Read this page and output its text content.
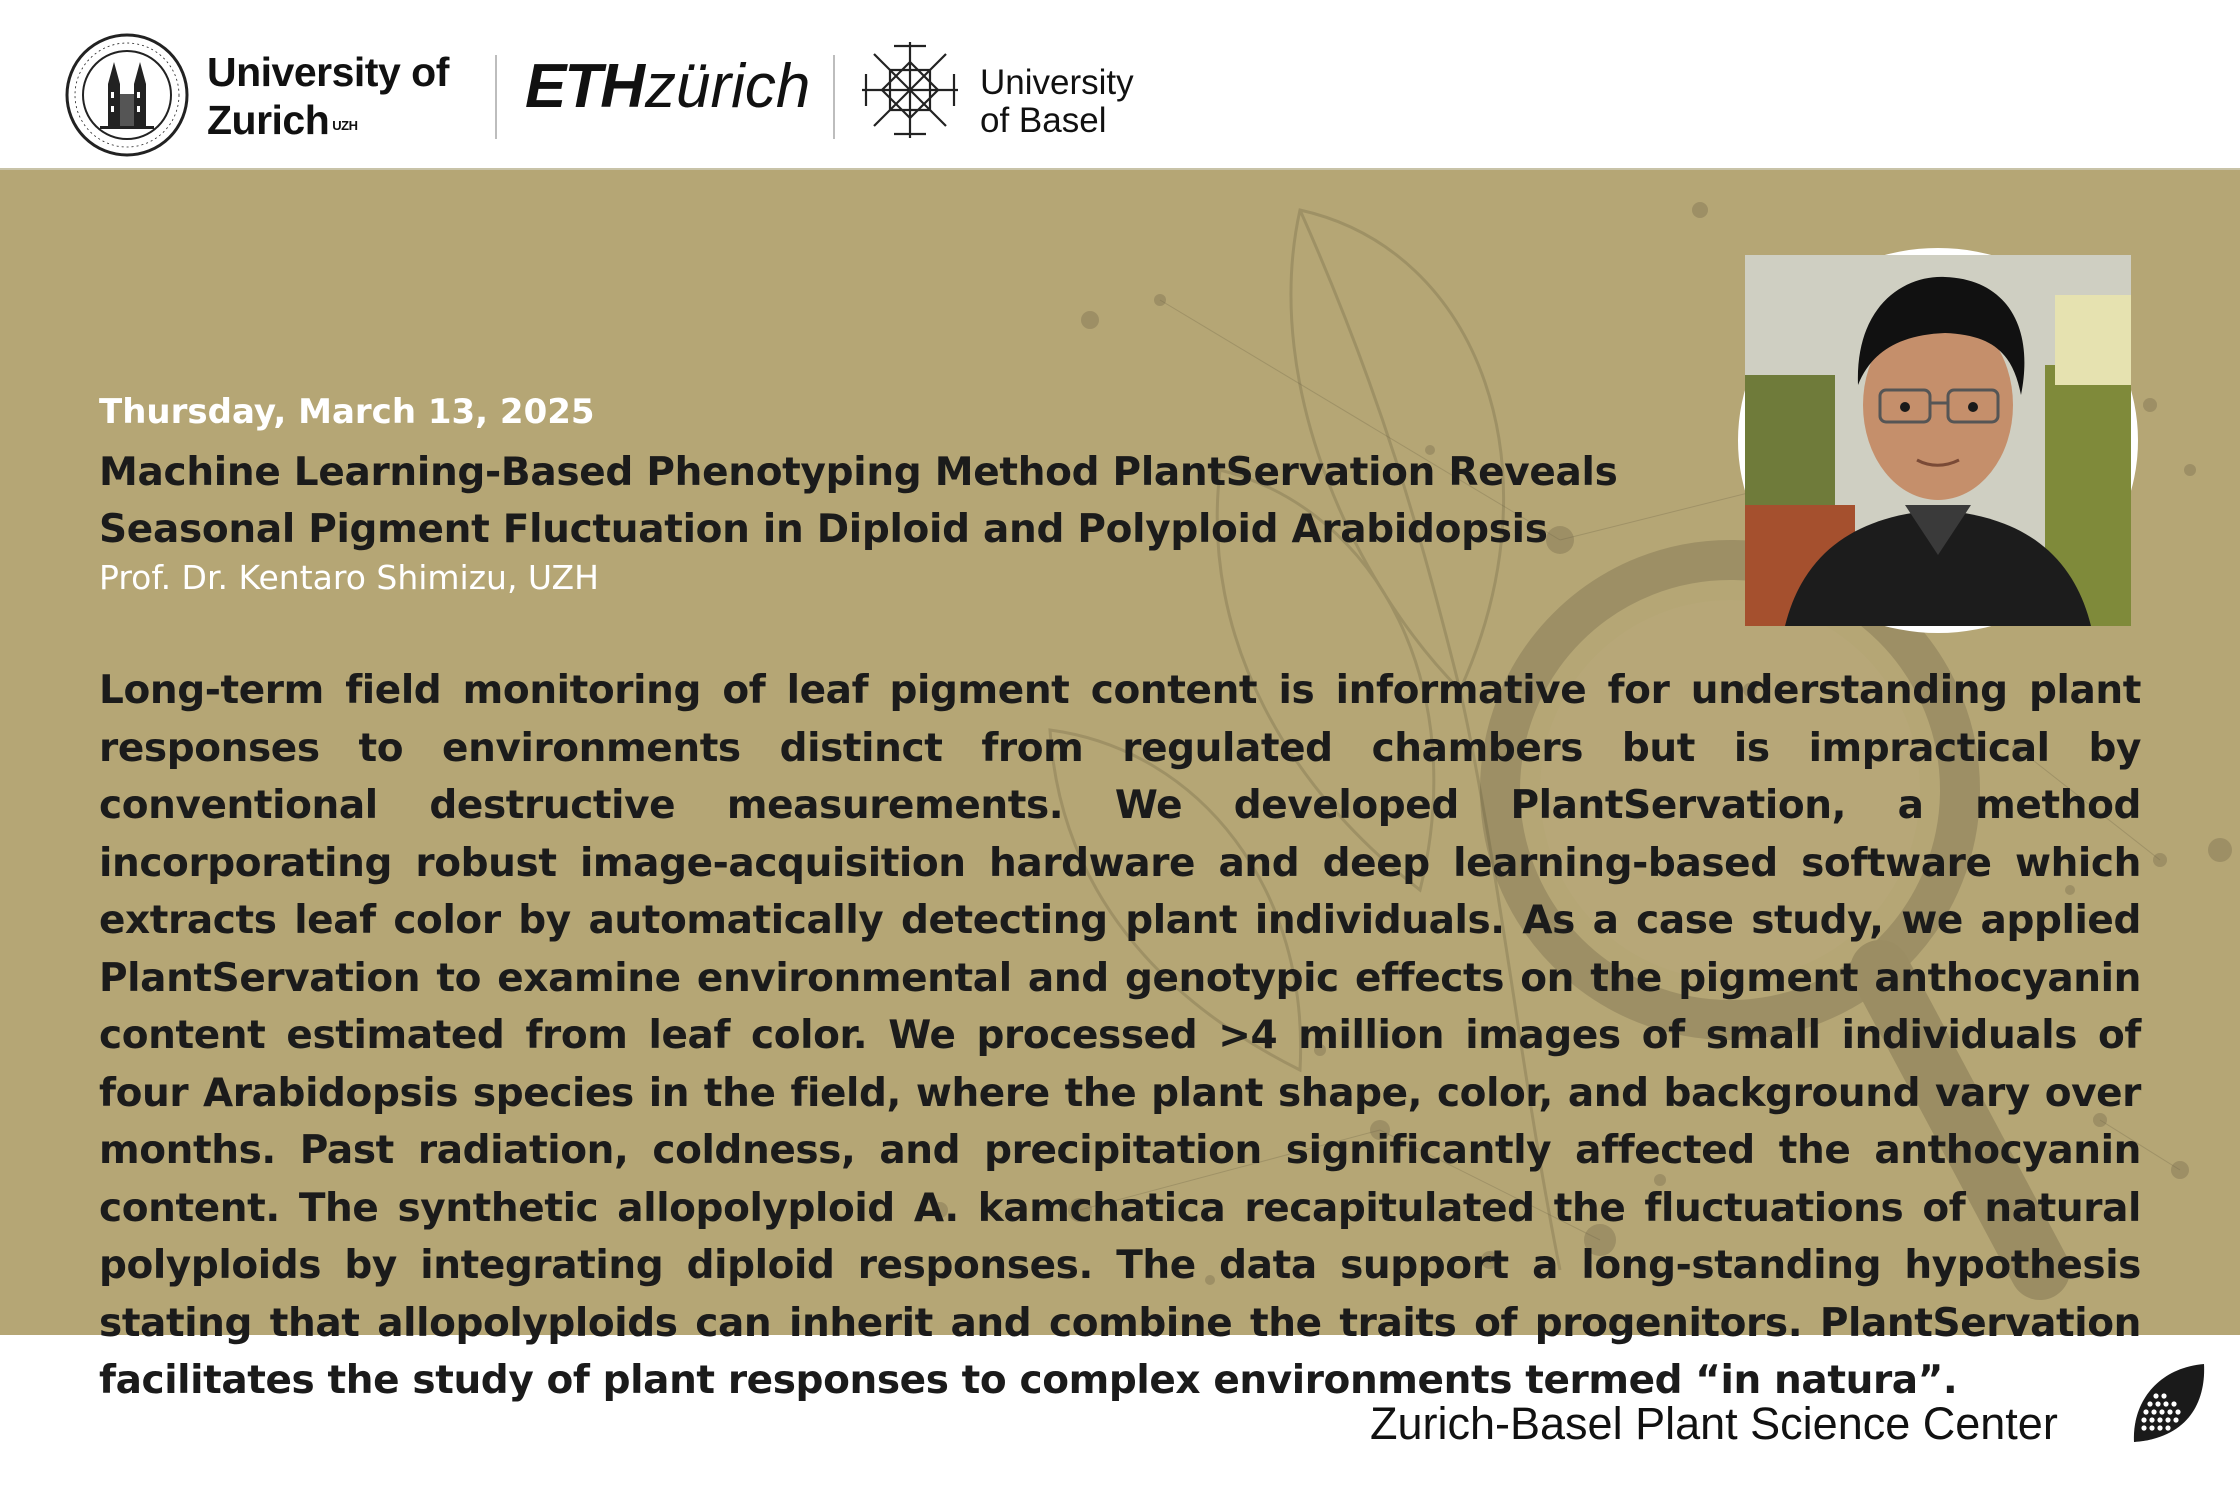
University of
Zurich $^{UZH}$
ETHzürich	University
of Basel
Thursday, March 13, 2025
Machine Learning-Based Phenotyping Method PlantServation Reveals Seasonal Pigment Fluctuation in Diploid and Polyploid Arabidopsis
Prof. Dr. Kentaro Shimizu, UZH

Long-term field monitoring of leaf pigment content is informative for understanding plant responses to environments distinct from regulated chambers but is impractical by conventional destructive measurements. We developed PlantServation, a method incorporating robust image-acquisition hardware and deep learning-based software which extracts leaf color by automatically detecting plant individuals. As a case study, we applied PlantServation to examine environmental and genotypic effects on the pigment anthocyanin content estimated from leaf color. We processed >4 million images of small individuals of four Arabidopsis species in the field, where the plant shape, color, and background vary over months. Past radiation, coldness, and precipitation significantly affected the anthocyanin content. The synthetic allopolyploid A. kamchatica recapitulated the fluctuations of natural polyploids by integrating diploid responses. The data support a long-standing hypothesis stating that allopolyploids can inherit and combine the traits of progenitors. PlantServation facilitates the study of plant responses to complex environments termed “in natura”.

Zurich-Basel Plant Science Center
